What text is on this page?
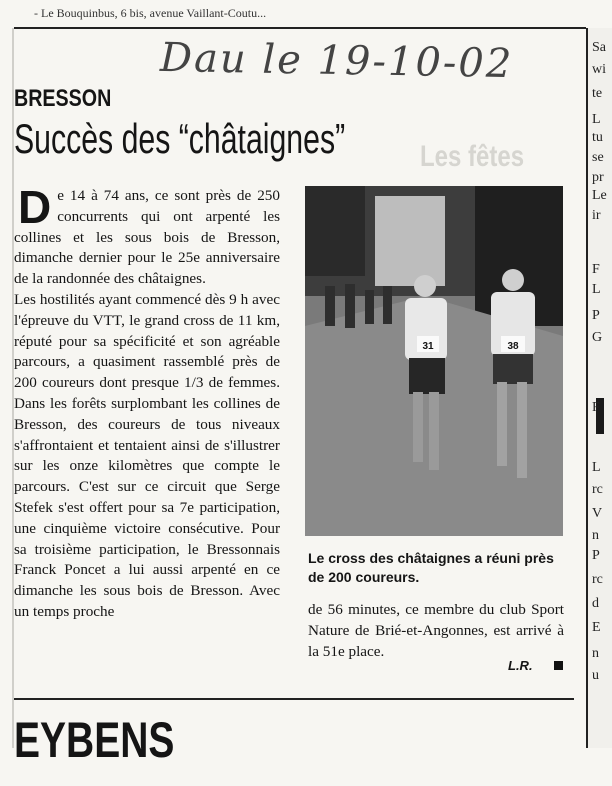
- Le Bouquinbus, 6 bis, avenue Vaillant-Coutu...
Dau le 19-10-02
Les fêtes
BRESSON
Succès des “châtaignes”

De 14 à 74 ans, ce sont près de 250 concurrents qui ont arpenté les collines et les sous bois de Bresson, dimanche dernier pour le 25e anniversaire de la randonnée des châtaignes.

Les hostilités ayant commencé dès 9 h avec l'épreuve du VTT, le grand cross de 11 km, réputé pour sa spécificité et son agréable parcours, a quasiment rassemblé près de 200 coureurs dont presque 1/3 de femmes. Dans les forêts surplombant les collines de Bresson, des coureurs de tous niveaux s'affrontaient et tentaient ainsi de s'illustrer sur les onze kilomètres que compte le parcours. C'est sur ce circuit que Serge Stefek s'est offert pour sa 7e participation, une cinquième victoire consécutive. Pour sa troisième participation, le Bressonnais Franck Poncet a lui aussi arpenté en ce dimanche les sous bois de Bresson. Avec un temps proche

31	38
Le cross des châtaignes a réuni près de 200 coureurs.
de 56 minutes, ce membre du club Sport Nature de Brié-et-Angonnes, est arrivé à la 51e place.
L.R.
EYBENS
Sa
wi
te
L
tu
se
pr
Le
ir
F
L
P
G
F
L
rc
V
n
P
rc
d
E
n
u
